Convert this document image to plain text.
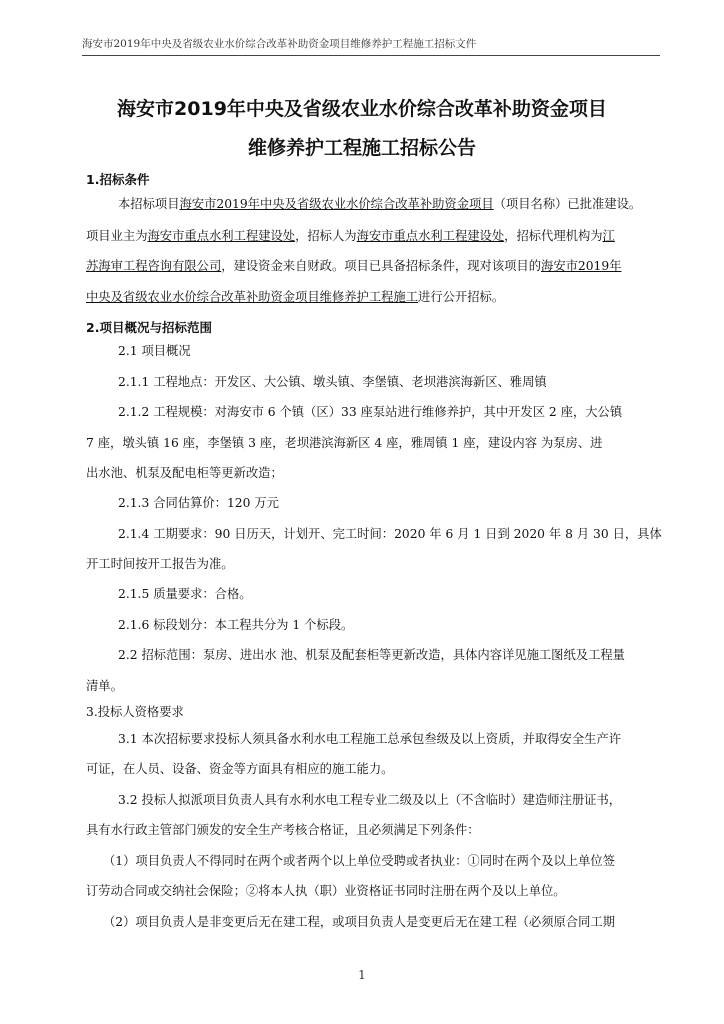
海安市2019年中央及省级农业水价综合改革补助资金项目维修养护工程施工招标文件
海安市2019年中央及省级农业水价综合改革补助资金项目
维修养护工程施工招标公告
1.招标条件
本招标项目海安市2019年中央及省级农业水价综合改革补助资金项目（项目名称）已批准建设。
项目业主为海安市重点水利工程建设处，招标人为海安市重点水利工程建设处，招标代理机构为江
苏海审工程咨询有限公司，建设资金来自财政。项目已具备招标条件，现对该项目的海安市2019年
中央及省级农业水价综合改革补助资金项目维修养护工程施工进行公开招标。
2.项目概况与招标范围
2.1 项目概况
2.1.1 工程地点：开发区、大公镇、墩头镇、李堡镇、老坝港滨海新区、雅周镇
2.1.2 工程规模：对海安市 6 个镇（区）33 座泵站进行维修养护，其中开发区 2 座，大公镇
7 座，墩头镇 16 座，李堡镇 3 座，老坝港滨海新区 4 座，雅周镇 1 座，建设内容 为泵房、进
出水池、机泵及配电柜等更新改造；
2.1.3 合同估算价：120 万元
2.1.4 工期要求：90 日历天，计划开、完工时间：2020 年 6 月 1 日到 2020 年 8 月 30 日，具体
开工时间按开工报告为准。
2.1.5 质量要求：合格。
2.1.6 标段划分：本工程共分为 1 个标段。
2.2 招标范围：泵房、进出水 池、机泵及配套柜等更新改造，具体内容详见施工图纸及工程量
清单。
3.投标人资格要求
3.1 本次招标要求投标人须具备水利水电工程施工总承包叁级及以上资质，并取得安全生产许
可证，在人员、设备、资金等方面具有相应的施工能力。
3.2 投标人拟派项目负责人具有水利水电工程专业二级及以上（不含临时）建造师注册证书，
具有水行政主管部门颁发的安全生产考核合格证，且必须满足下列条件：
（1）项目负责人不得同时在两个或者两个以上单位受聘或者执业：①同时在两个及以上单位签
订劳动合同或交纳社会保险；②将本人执（职）业资格证书同时注册在两个及以上单位。
（2）项目负责人是非变更后无在建工程，或项目负责人是变更后无在建工程（必须原合同工期
1
